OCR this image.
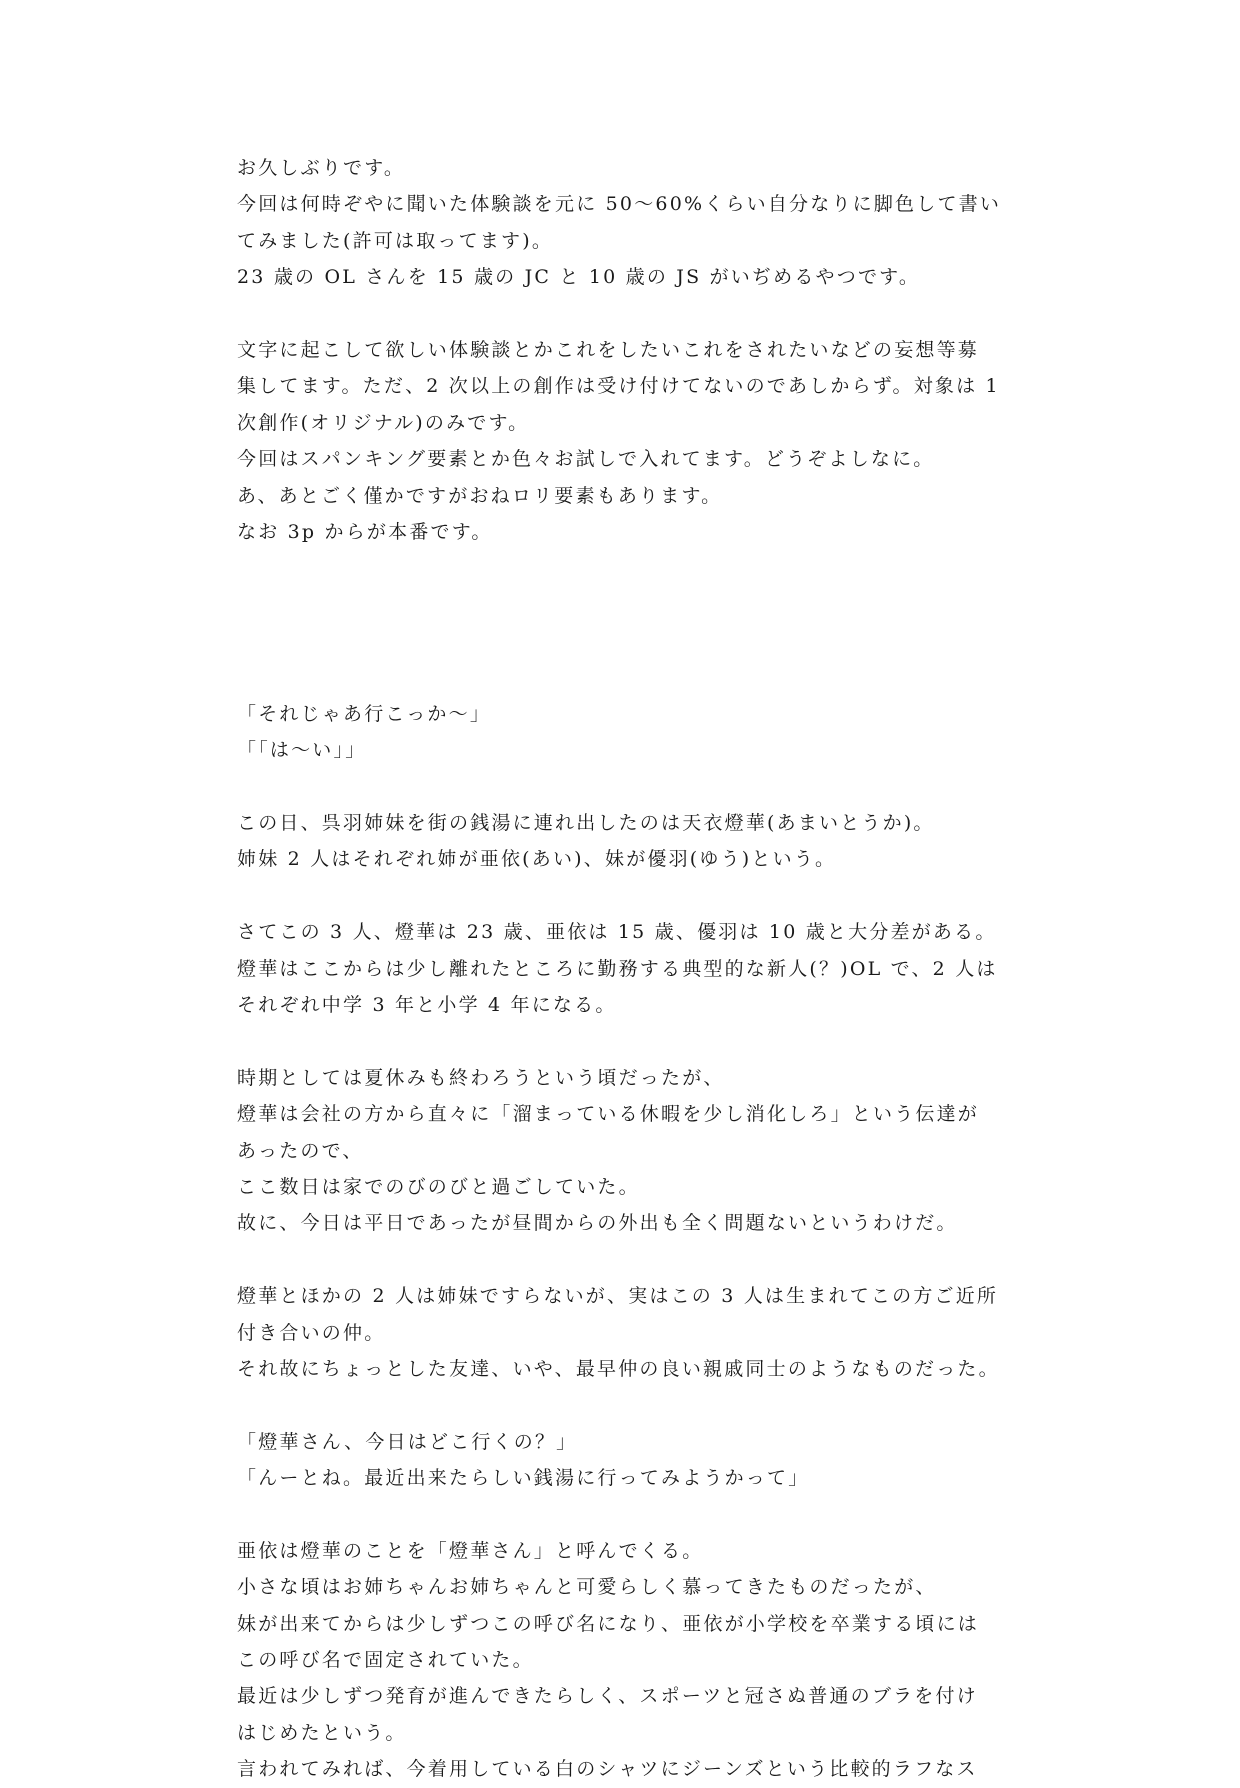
お久しぶりです。
今回は何時ぞやに聞いた体験談を元に 50～60%くらい自分なりに脚色して書い
てみました(許可は取ってます)。
23 歳の OL さんを 15 歳の JC と 10 歳の JS がいぢめるやつです。
文字に起こして欲しい体験談とかこれをしたいこれをされたいなどの妄想等募
集してます。ただ、2 次以上の創作は受け付けてないのであしからず。対象は 1
次創作(オリジナル)のみです。
今回はスパンキング要素とか色々お試しで入れてます。どうぞよしなに。
あ、あとごく僅かですがおねロリ要素もあります。
なお 3p からが本番です。
「それじゃあ行こっか～」
「「は～い」」
この日、呉羽姉妹を街の銭湯に連れ出したのは天衣燈華(あまいとうか)。
姉妹 2 人はそれぞれ姉が亜依(あい)、妹が優羽(ゆう)という。
さてこの 3 人、燈華は 23 歳、亜依は 15 歳、優羽は 10 歳と大分差がある。
燈華はここからは少し離れたところに勤務する典型的な新人(？)OL で、2 人は
それぞれ中学 3 年と小学 4 年になる。
時期としては夏休みも終わろうという頃だったが、
燈華は会社の方から直々に「溜まっている休暇を少し消化しろ」という伝達が
あったので、
ここ数日は家でのびのびと過ごしていた。
故に、今日は平日であったが昼間からの外出も全く問題ないというわけだ。
燈華とほかの 2 人は姉妹ですらないが、実はこの 3 人は生まれてこの方ご近所
付き合いの仲。
それ故にちょっとした友達、いや、最早仲の良い親戚同士のようなものだった。
「燈華さん、今日はどこ行くの？」
「んーとね。最近出来たらしい銭湯に行ってみようかって」
亜依は燈華のことを「燈華さん」と呼んでくる。
小さな頃はお姉ちゃんお姉ちゃんと可愛らしく慕ってきたものだったが、
妹が出来てからは少しずつこの呼び名になり、亜依が小学校を卒業する頃には
この呼び名で固定されていた。
最近は少しずつ発育が進んできたらしく、スポーツと冠さぬ普通のブラを付け
はじめたという。
言われてみれば、今着用している白のシャツにジーンズという比較的ラフなス
